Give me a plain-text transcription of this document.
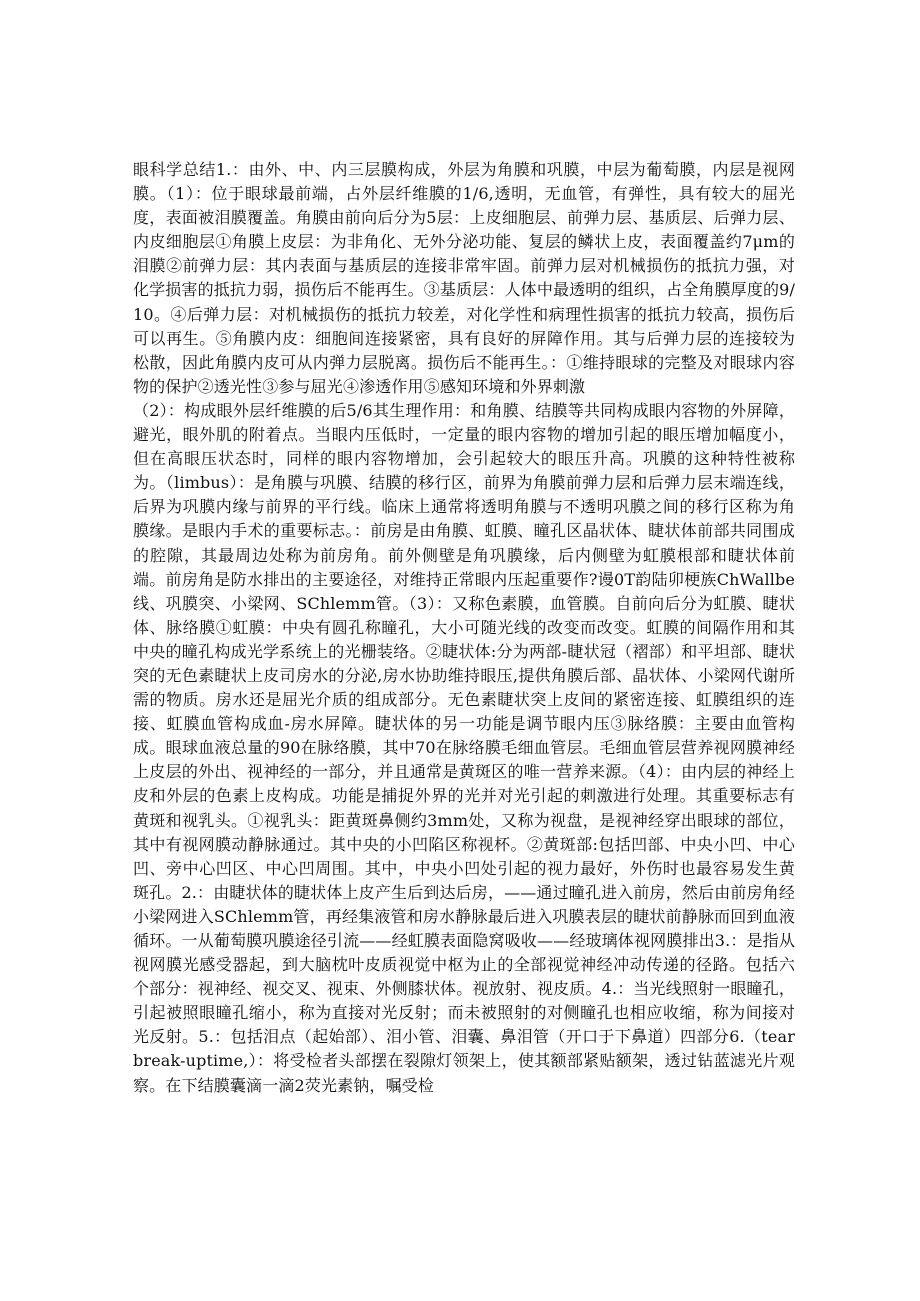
眼科学总结1.：由外、中、内三层膜构成，外层为角膜和巩膜，中层为葡萄膜，内层是视网膜。（1）：位于眼球最前端，占外层纤维膜的1/6,透明，无血管，有弹性，具有较大的屈光度，表面被泪膜覆盖。角膜由前向后分为5层：上皮细胞层、前弹力层、基质层、后弹力层、内皮细胞层①角膜上皮层：为非角化、无外分泌功能、复层的鳞状上皮，表面覆盖约7μm的泪膜②前弹力层：其内表面与基质层的连接非常牢固。前弹力层对机械损伤的抵抗力强，对化学损害的抵抗力弱，损伤后不能再生。③基质层：人体中最透明的组织，占全角膜厚度的9/10。④后弹力层：对机械损伤的抵抗力较差，对化学性和病理性损害的抵抗力较高，损伤后可以再生。⑤角膜内皮：细胞间连接紧密，具有良好的屏障作用。其与后弹力层的连接较为松散，因此角膜内皮可从内弹力层脱离。损伤后不能再生。：①维持眼球的完整及对眼球内容物的保护②透光性③参与屈光④渗透作用⑤感知环境和外界刺激

（2）：构成眼外层纤维膜的后5/6其生理作用：和角膜、结膜等共同构成眼内容物的外屏障，避光，眼外肌的附着点。当眼内压低时，一定量的眼内容物的增加引起的眼压增加幅度小，但在高眼压状态时，同样的眼内容物增加，会引起较大的眼压升高。巩膜的这种特性被称为。（limbus）：是角膜与巩膜、结膜的移行区，前界为角膜前弹力层和后弹力层末端连线，后界为巩膜内缘与前界的平行线。临床上通常将透明角膜与不透明巩膜之间的移行区称为角膜缘。是眼内手术的重要标志。：前房是由角膜、虹膜、瞳孔区晶状体、睫状体前部共同围成的腔隙，其最周边处称为前房角。前外侧壁是角巩膜缘，后内侧壁为虹膜根部和睫状体前端。前房角是防水排出的主要途径，对维持正常眼内压起重要作?谩0T韵陆卯梗族ChWallbe线、巩膜突、小梁网、SChlemm管。（3）：又称色素膜，血管膜。自前向后分为虹膜、睫状体、脉络膜①虹膜：中央有圆孔称瞳孔，大小可随光线的改变而改变。虹膜的间隔作用和其中央的瞳孔构成光学系统上的光栅装络。②睫状体:分为两部-睫状冠（褶部）和平坦部、睫状突的无色素睫状上皮司房水的分泌,房水协助维持眼压,提供角膜后部、晶状体、小梁网代谢所需的物质。房水还是屈光介质的组成部分。无色素睫状突上皮间的紧密连接、虹膜组织的连接、虹膜血管构成血-房水屏障。睫状体的另一功能是调节眼内压③脉络膜：主要由血管构成。眼球血液总量的90在脉络膜，其中70在脉络膜毛细血管层。毛细血管层营养视网膜神经上皮层的外出、视神经的一部分，并且通常是黄斑区的唯一营养来源。（4）：由内层的神经上皮和外层的色素上皮构成。功能是捕捉外界的光并对光引起的刺激进行处理。其重要标志有黄斑和视乳头。①视乳头：距黄斑鼻侧约3mm处，又称为视盘，是视神经穿出眼球的部位，其中有视网膜动静脉通过。其中央的小凹陷区称视杯。②黄斑部:包括凹部、中央小凹、中心凹、旁中心凹区、中心凹周围。其中，中央小凹处引起的视力最好，外伤时也最容易发生黄斑孔。2.：由睫状体的睫状体上皮产生后到达后房，——通过瞳孔进入前房，然后由前房角经小梁网进入SChlemm管，再经集液管和房水静脉最后进入巩膜表层的睫状前静脉而回到血液循环。一从葡萄膜巩膜途径引流——经虹膜表面隐窝吸收——经玻璃体视网膜排出3.：是指从视网膜光感受器起，到大脑枕叶皮质视觉中枢为止的全部视觉神经冲动传递的径路。包括六个部分：视神经、视交叉、视束、外侧膝状体。视放射、视皮质。4.：当光线照射一眼瞳孔，引起被照眼瞳孔缩小，称为直接对光反射；而未被照射的对侧瞳孔也相应收缩，称为间接对光反射。5.：包括泪点（起始部）、泪小管、泪囊、鼻泪管（开口于下鼻道）四部分6.（tearbreak-uptime,）：将受检者头部摆在裂隙灯领架上，使其额部紧贴额架，透过钻蓝滤光片观察。在下结膜囊滴一滴2荧光素钠，嘱受检
